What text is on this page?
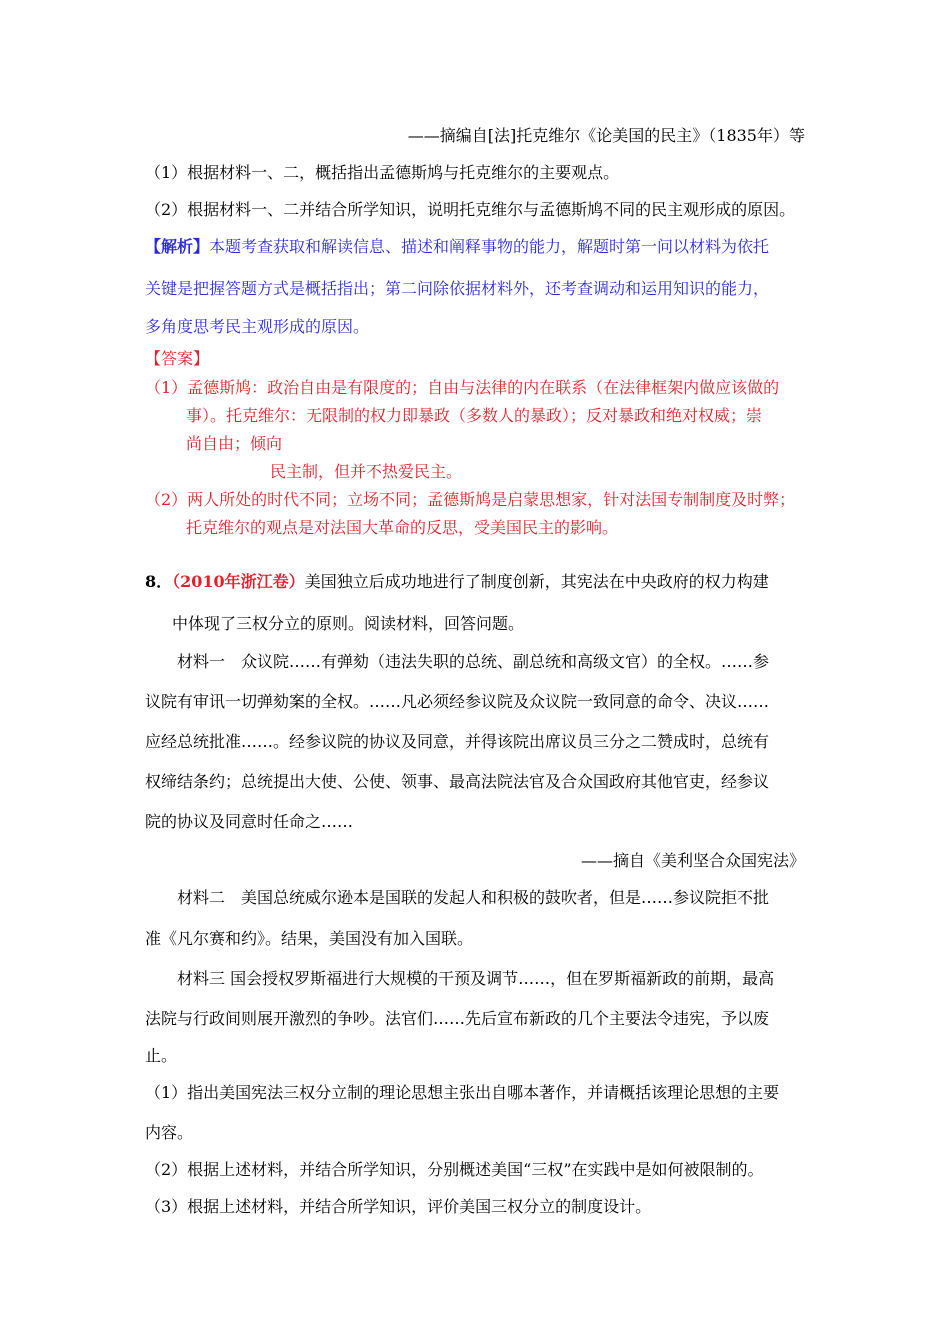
——摘编自[法]托克维尔《论美国的民主》（1835年）等
（1）根据材料一、二，概括指出孟德斯鸠与托克维尔的主要观点。
（2）根据材料一、二并结合所学知识，说明托克维尔与孟德斯鸠不同的民主观形成的原因。
【解析】本题考查获取和解读信息、描述和阐释事物的能力，解题时第一问以材料为依托
关键是把握答题方式是概括指出；第二问除依据材料外，还考查调动和运用知识的能力，
多角度思考民主观形成的原因。
【答案】
（1）孟德斯鸠：政治自由是有限度的；自由与法律的内在联系（在法律框架内做应该做的
事）。托克维尔：无限制的权力即暴政（多数人的暴政）；反对暴政和绝对权威；崇
尚自由；倾向
民主制，但并不热爱民主。
（2）两人所处的时代不同；立场不同；孟德斯鸠是启蒙思想家，针对法国专制制度及时弊；
托克维尔的观点是对法国大革命的反思，受美国民主的影响。
8．（2010年浙江卷）美国独立后成功地进行了制度创新，其宪法在中央政府的权力构建
中体现了三权分立的原则。阅读材料，回答问题。
材料一　众议院……有弹劾（违法失职的总统、副总统和高级文官）的全权。……参
议院有审讯一切弹劾案的全权。……凡必须经参议院及众议院一致同意的命令、决议……
应经总统批准……。经参议院的协议及同意，并得该院出席议员三分之二赞成时，总统有
权缔结条约；总统提出大使、公使、领事、最高法院法官及合众国政府其他官吏，经参议
院的协议及同意时任命之……
——摘自《美利坚合众国宪法》
材料二　美国总统威尔逊本是国联的发起人和积极的鼓吹者，但是……参议院拒不批
准《凡尔赛和约》。结果，美国没有加入国联。
材料三 国会授权罗斯福进行大规模的干预及调节……，但在罗斯福新政的前期，最高
法院与行政间则展开激烈的争吵。法官们……先后宣布新政的几个主要法令违宪，予以废
止。
（1）指出美国宪法三权分立制的理论思想主张出自哪本著作，并请概括该理论思想的主要
内容。
（2）根据上述材料，并结合所学知识，分别概述美国“三权”在实践中是如何被限制的。
（3）根据上述材料，并结合所学知识，评价美国三权分立的制度设计。
